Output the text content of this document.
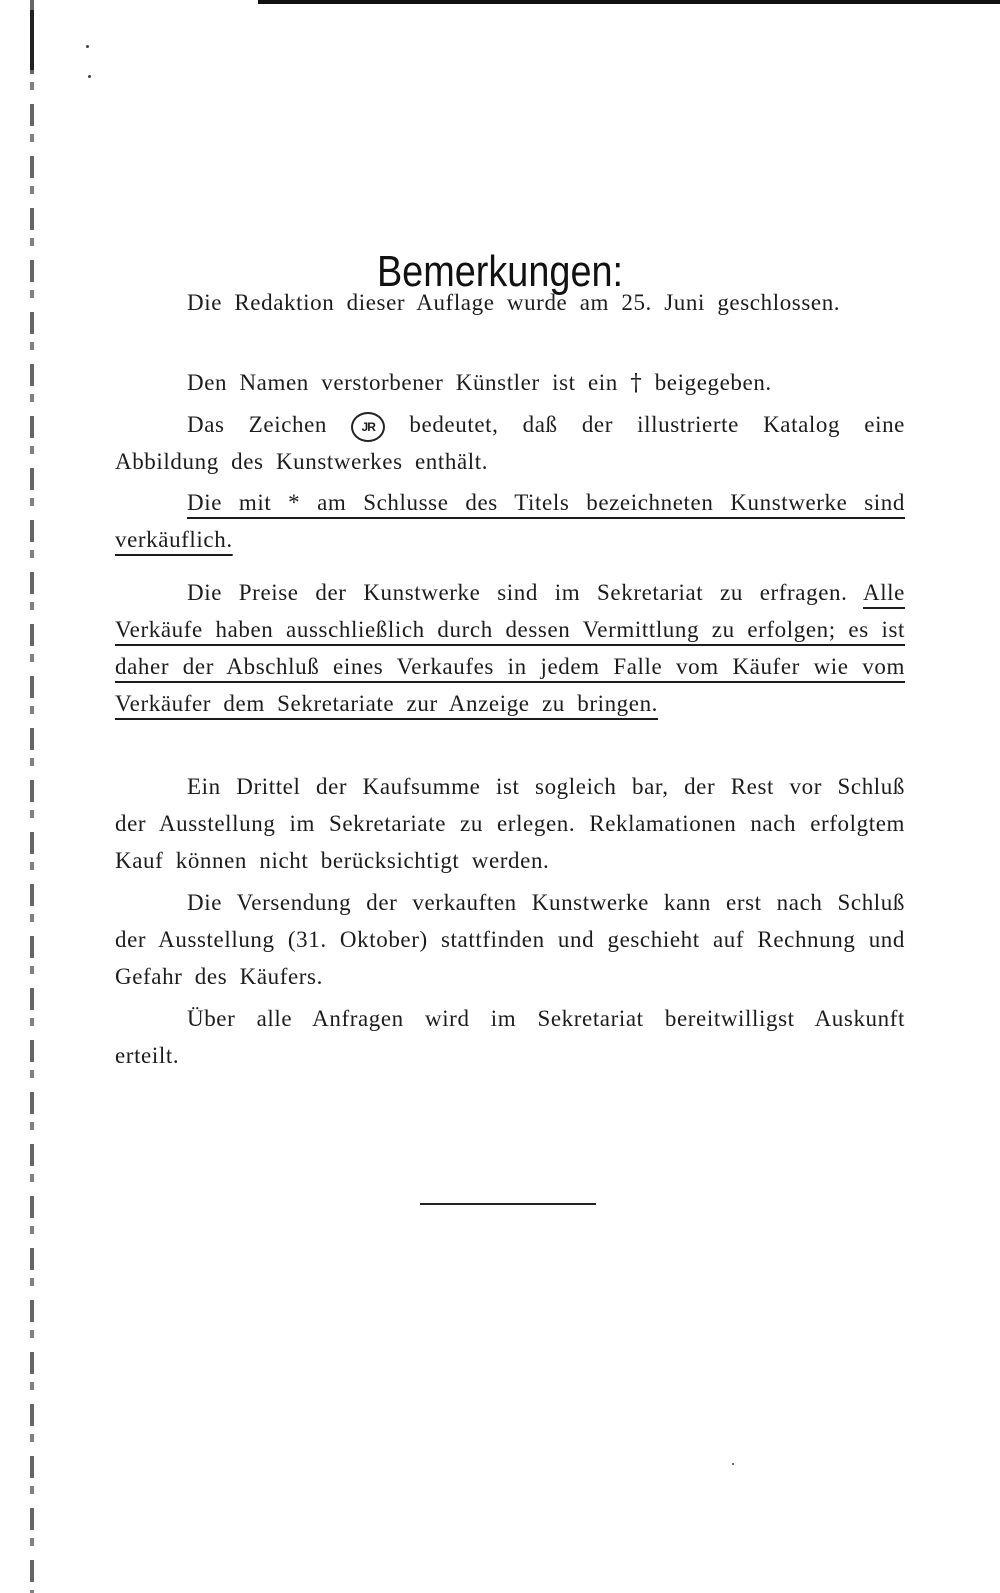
Bemerkungen:

Die Redaktion dieser Auflage wurde am 25. Juni geschlossen.

Den Namen verstorbener Künstler ist ein † beigegeben.

Das Zeichen	JR bedeutet, daß der illustrierte Katalog eine Abbildung des Kunstwerkes enthält.

Die mit * am Schlusse des Titels bezeichneten Kunstwerke sind verkäuflich.

Die Preise der Kunstwerke sind im Sekretariat zu erfragen. Alle Verkäufe haben ausschließlich durch dessen Vermittlung zu erfolgen; es ist daher der Abschluß eines Verkaufes in jedem Falle vom Käufer wie vom Verkäufer dem Sekretariate zur Anzeige zu bringen.

Ein Drittel der Kaufsumme ist sogleich bar, der Rest vor Schluß der Ausstellung im Sekretariate zu erlegen. Reklamationen nach erfolgtem Kauf können nicht berücksichtigt werden.

Die Versendung der verkauften Kunstwerke kann erst nach Schluß der Ausstellung (31. Oktober) stattfinden und geschieht auf Rechnung und Gefahr des Käufers.

Über alle Anfragen wird im Sekretariat bereitwilligst Auskunft erteilt.
